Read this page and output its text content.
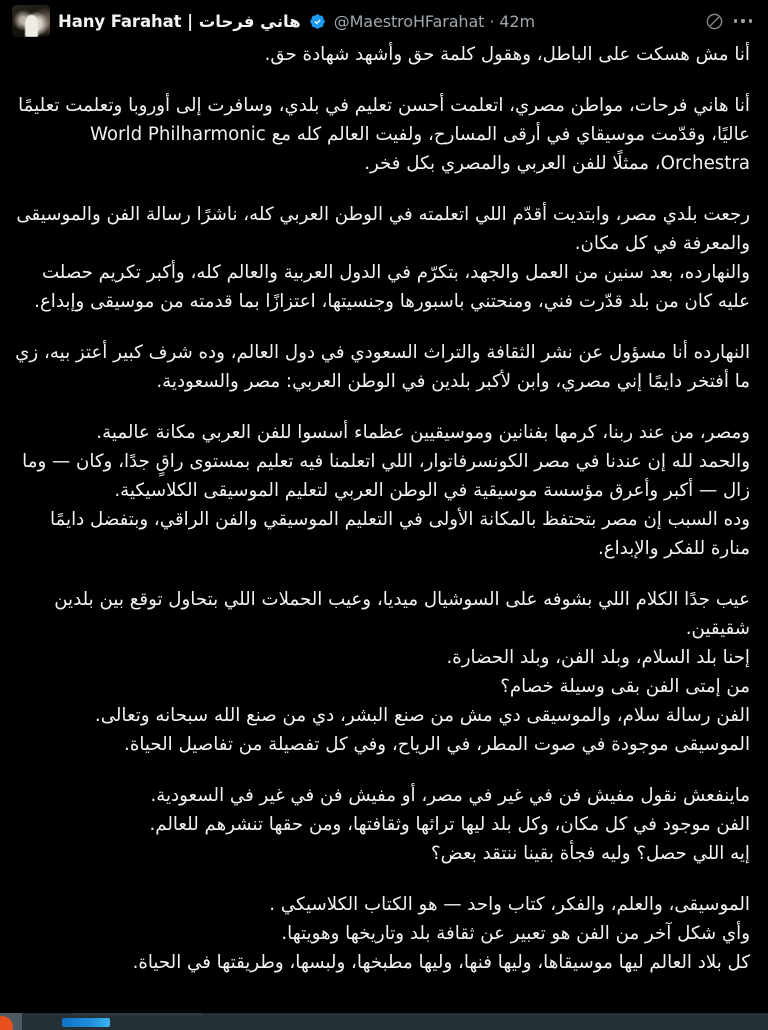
Hany Farahat | هاني فرحات @MaestroHFarahat · 42m

أنا مش هسكت على الباطل، وهقول كلمة حق وأشهد شهادة حق.

أنا هاني فرحات، مواطن مصري، اتعلمت أحسن تعليم في بلدي، وسافرت إلى أوروبا وتعلمت تعليمًا عاليًا، وقدّمت موسيقاي في أرقى المسارح، ولفيت العالم كله مع World Philharmonic Orchestra، ممثلًا للفن العربي والمصري بكل فخر.

رجعت بلدي مصر، وابتديت أقدّم اللي اتعلمته في الوطن العربي كله، ناشرًا رسالة الفن والموسيقى والمعرفة في كل مكان.
والنهارده، بعد سنين من العمل والجهد، بتكرّم في الدول العربية والعالم كله، وأكبر تكريم حصلت عليه كان من بلد قدّرت فني، ومنحتني باسبورها وجنسيتها، اعتزازًا بما قدمته من موسيقى وإبداع.

النهارده أنا مسؤول عن نشر الثقافة والتراث السعودي في دول العالم، وده شرف كبير أعتز بيه، زي ما أفتخر دايمًا إني مصري، وابن لأكبر بلدين في الوطن العربي: مصر والسعودية.

ومصر، من عند ربنا، كرمها بفنانين وموسيقيين عظماء أسسوا للفن العربي مكانة عالمية.
والحمد لله إن عندنا في مصر الكونسرفاتوار، اللي اتعلمنا فيه تعليم بمستوى راقٍ جدًا، وكان — وما زال — أكبر وأعرق مؤسسة موسيقية في الوطن العربي لتعليم الموسيقى الكلاسيكية.
وده السبب إن مصر بتحتفظ بالمكانة الأولى في التعليم الموسيقي والفن الراقي، وبتفضل دايمًا منارة للفكر والإبداع.

عيب جدًا الكلام اللي بشوفه على السوشيال ميديا، وعيب الحملات اللي بتحاول توقع بين بلدين شقيقين.
إحنا بلد السلام، وبلد الفن، وبلد الحضارة.
من إمتى الفن بقى وسيلة خصام؟
الفن رسالة سلام، والموسيقى دي مش من صنع البشر، دي من صنع الله سبحانه وتعالى.
الموسيقى موجودة في صوت المطر، في الرياح، وفي كل تفصيلة من تفاصيل الحياة.

ماينفعش نقول مفيش فن في غير في مصر، أو مفيش فن في غير في السعودية.
الفن موجود في كل مكان، وكل بلد ليها تراثها وثقافتها، ومن حقها تنشرهم للعالم.
إيه اللي حصل؟ وليه فجأة بقينا ننتقد بعض؟

الموسيقى، والعلم، والفكر، كتاب واحد — هو الكتاب الكلاسيكي .
وأي شكل آخر من الفن هو تعبير عن ثقافة بلد وتاريخها وهويتها.
كل بلاد العالم ليها موسيقاها، وليها فنها، وليها مطبخها، ولبسها، وطريقتها في الحياة.
